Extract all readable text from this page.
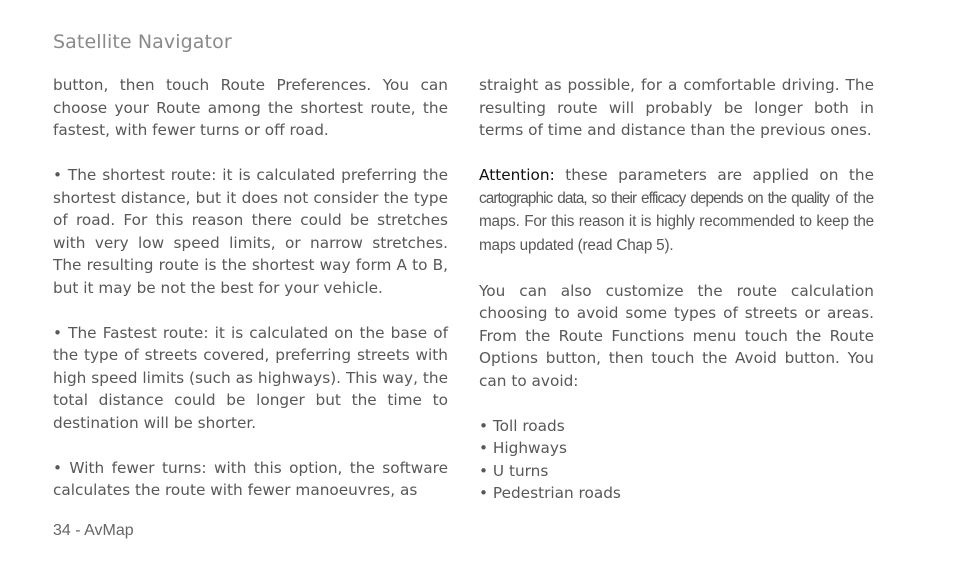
Satellite Navigator

button, then touch Route Preferences. You can choose your Route among the shortest route, the fastest, with fewer turns or off road.

• The shortest route: it is calculated preferring the shortest distance, but it does not consider the type of road. For this reason there could be stretches with very low speed limits, or narrow stretches. The resulting route is the shortest way form A to B, but it may be not the best for your vehicle.

• The Fastest route: it is calculated on the base of the type of streets covered, preferring streets with high speed limits (such as highways). This way, the total distance could be longer but the time to destination will be shorter.

• With fewer turns: with this option, the software calculates the route with fewer manoeuvres, as

straight as possible, for a comfortable driving. The resulting route will probably be longer both in terms of time and distance than the previous ones.

Attention: these parameters are applied on the cartographic data, so their efficacy depends on the quality of the maps. For this reason it is highly recommended to keep the maps updated (read Chap 5).

You can also customize the route calculation choosing to avoid some types of streets or areas. From the Route Functions menu touch the Route Options button, then touch the Avoid button. You can to avoid:

• Toll roads
• Highways
• U turns
• Pedestrian roads
34 - AvMap
